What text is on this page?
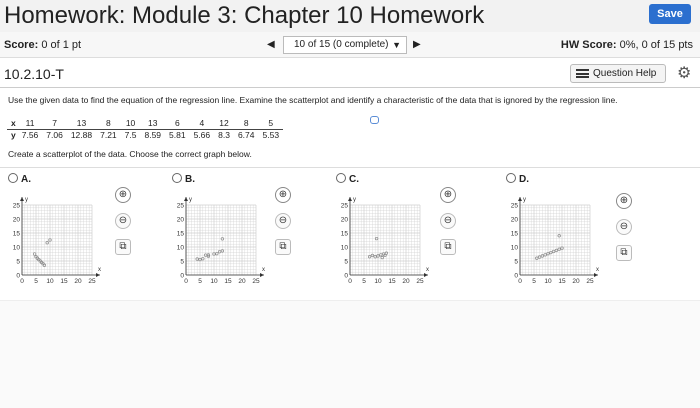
Homework: Module 3: Chapter 10 Homework	Save
Score: 0 of 1 pt	◀	10 of 15 (0 complete) ▼ ▶	HW Score: 0%, 0 of 15 pts
10.2.10-T	Question Help	⚙
Use the given data to find the equation of the regression line. Examine the scatterplot and identify a characteristic of the data that is ignored by the regression line.
x	11	7	13	8	10	13	6	4	12	8	5
y	7.56	7.06	12.88	7.21	7.5	8.59	5.81	5.66	8.3	6.74	5.53
Create a scatterplot of the data. Choose the correct graph below.
A.
25
20
15
10
5
0
0 5 10 15 20 25
y
x
⊕
⊖
⧉
B.
25
20
15
10
5
0
0 5 10 15 20 25
y
x
⊕
⊖
⧉
C.
25
20
15
10
5
0
0 5 10 15 20 25
y
x
⊕
⊖
⧉
D.
25
20
15
10
5
0
0 5 10 15 20 25
y
x
⊕
⊖
⧉
